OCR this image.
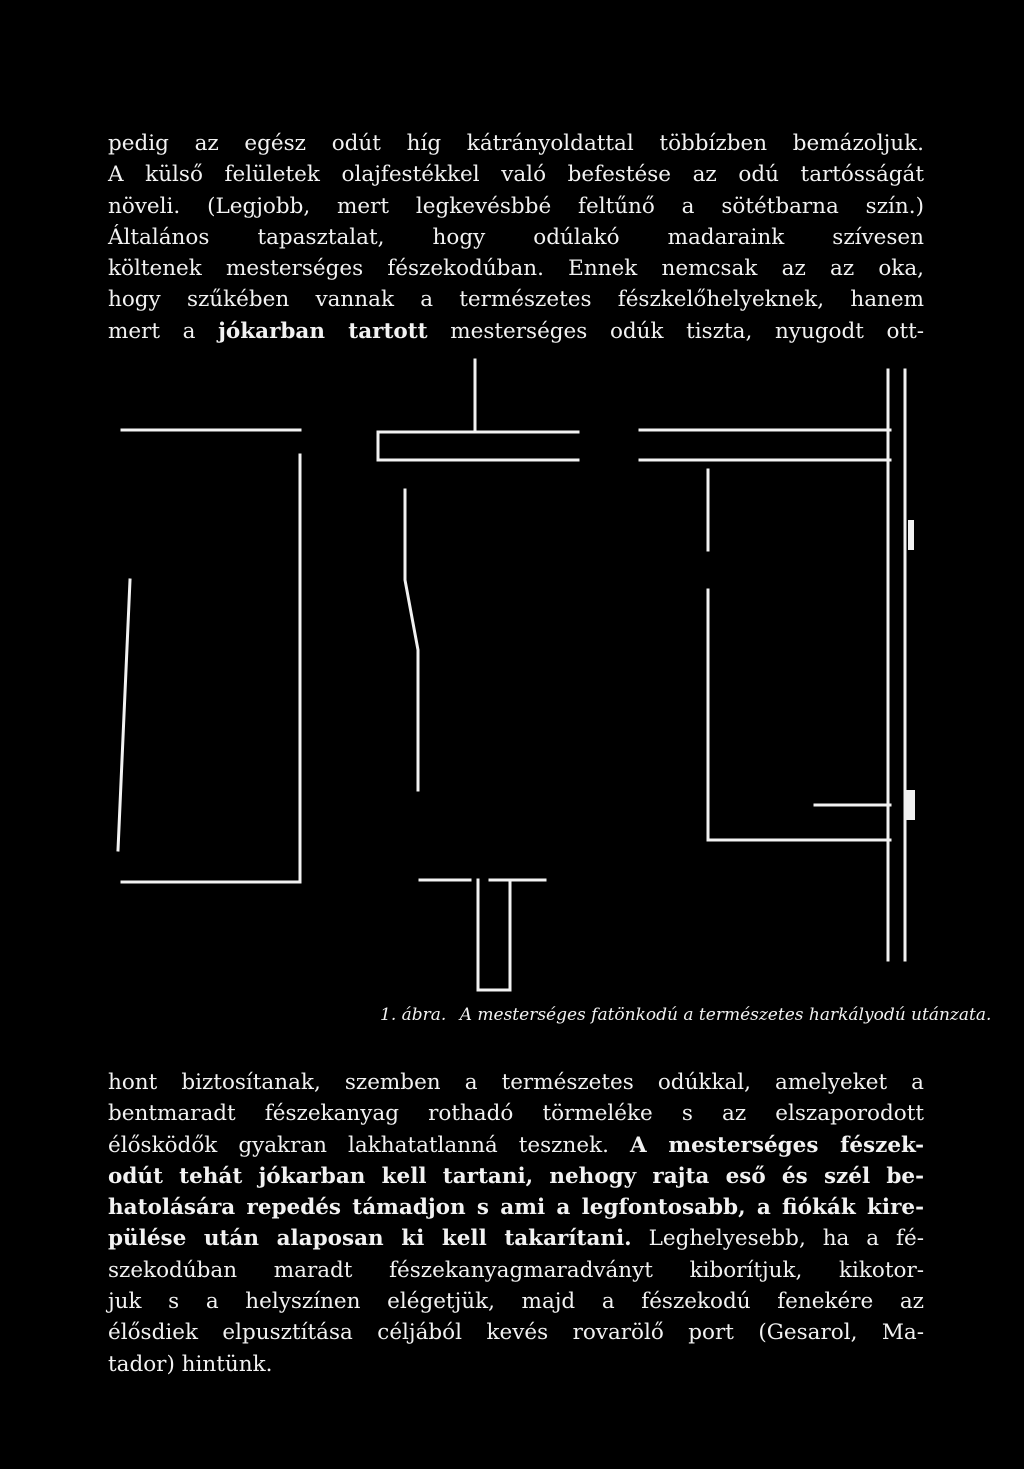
pedig az egész odút híg kátrányoldattal többízben bemázoljuk.
A külső felületek olajfestékkel való befestése az odú tartósságát
növeli. (Legjobb, mert legkevésbbé feltűnő a sötétbarna szín.)
Általános tapasztalat, hogy odúlakó madaraink szívesen
költenek mesterséges fészekodúban. Ennek nemcsak az az oka,
hogy szűkében vannak a természetes fészkelőhelyeknek, hanem
mert a jókarban tartott mesterséges odúk tiszta, nyugodt ott-
1. ábra. A mesterséges fatönkodú a természetes harkályodú utánzata.
hont biztosítanak, szemben a természetes odúkkal, amelyeket a
bentmaradt fészekanyag rothadó törmeléke s az elszaporodott
élősködők gyakran lakhatatlanná tesznek. A mesterséges fészek-
odút tehát jókarban kell tartani, nehogy rajta eső és szél be-
hatolására repedés támadjon s ami a legfontosabb, a fiókák kire-
pülése után alaposan ki kell takarítani. Leghelyesebb, ha a fé-
szekodúban maradt fészekanyagmaradványt kiborítjuk, kikotor-
juk s a helyszínen elégetjük, majd a fészekodú fenekére az
élősdiek elpusztítása céljából kevés rovarölő port (Gesarol, Ma-
tador) hintünk.
